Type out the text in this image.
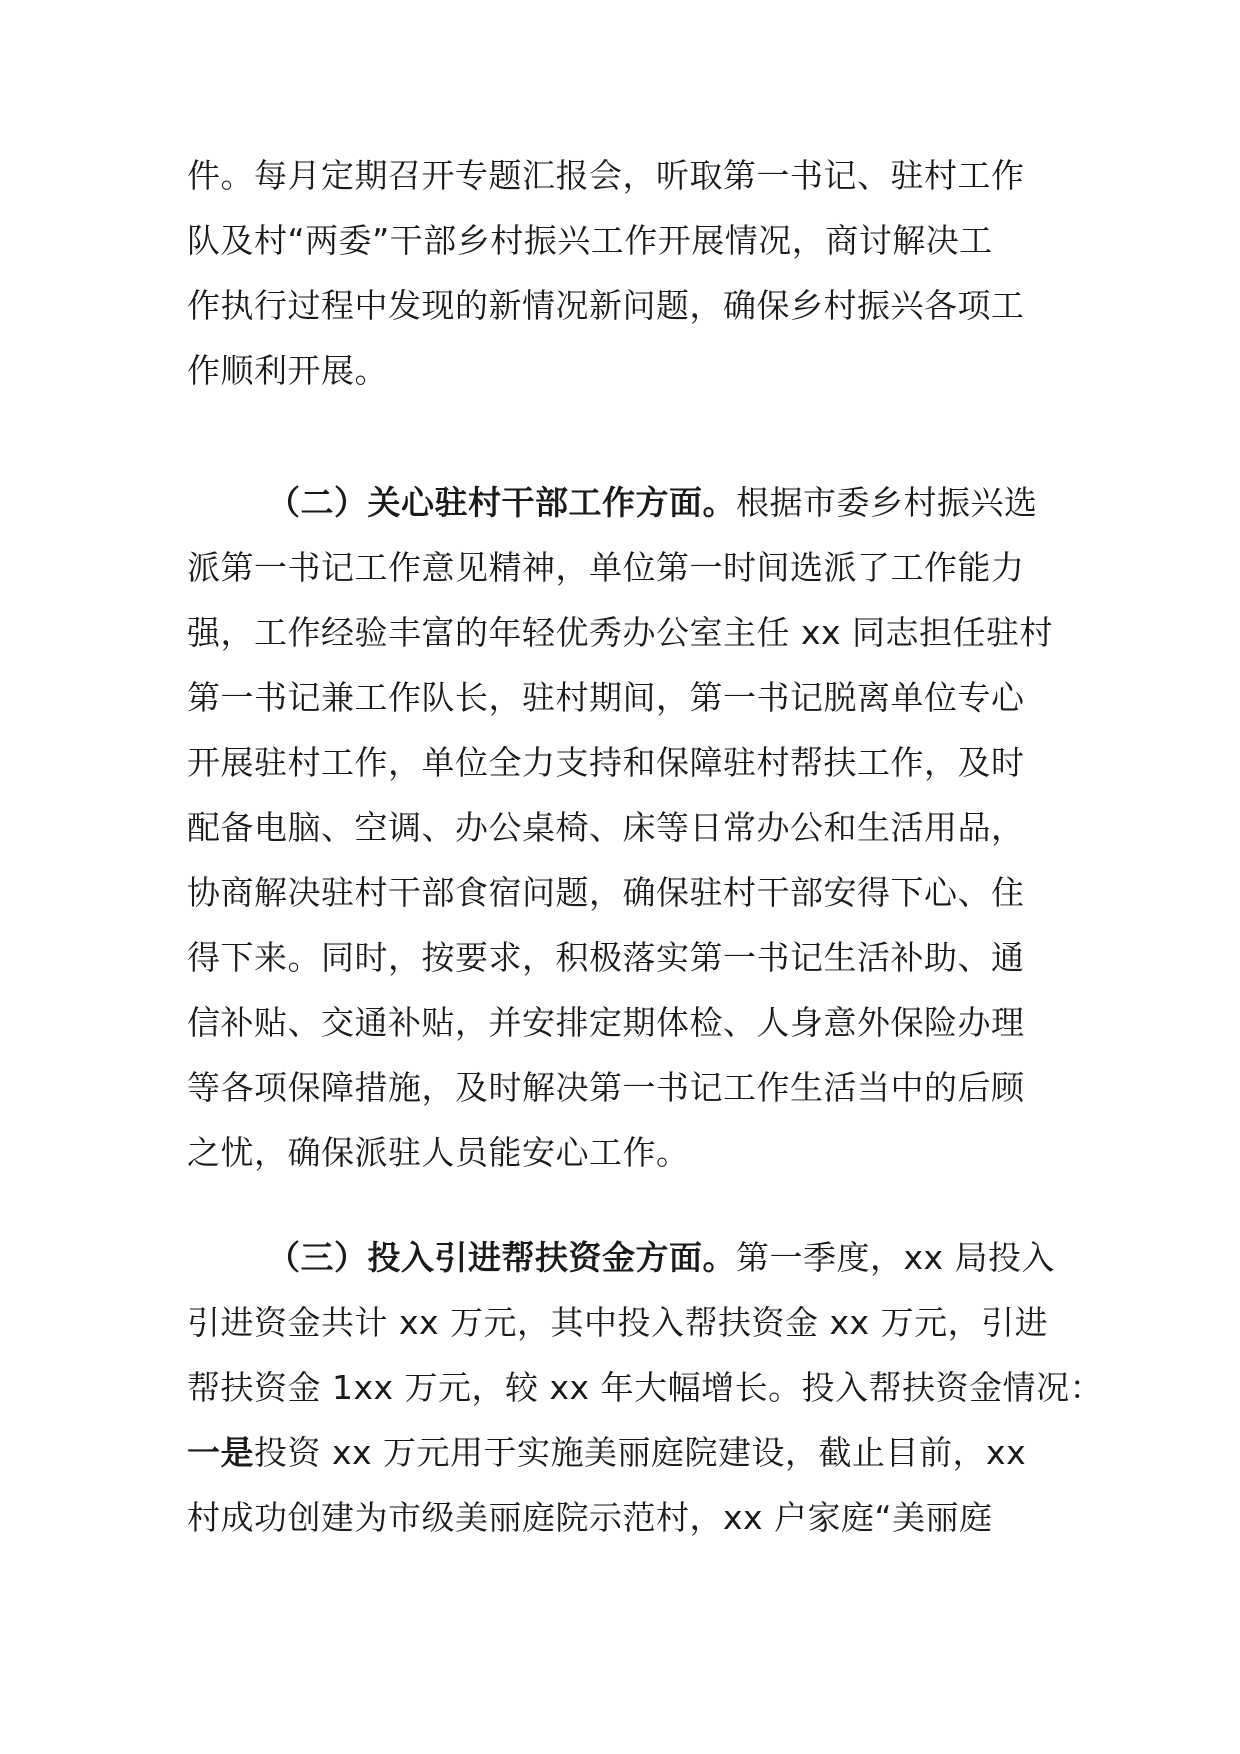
件。每月定期召开专题汇报会，听取第一书记、驻村工作
队及村“两委”干部乡村振兴工作开展情况，商讨解决工
作执行过程中发现的新情况新问题，确保乡村振兴各项工
作顺利开展。
（二）关心驻村干部工作方面。根据市委乡村振兴选
派第一书记工作意见精神，单位第一时间选派了工作能力
强，工作经验丰富的年轻优秀办公室主任 xx 同志担任驻村
第一书记兼工作队长，驻村期间，第一书记脱离单位专心
开展驻村工作，单位全力支持和保障驻村帮扶工作，及时
配备电脑、空调、办公桌椅、床等日常办公和生活用品，
协商解决驻村干部食宿问题，确保驻村干部安得下心、住
得下来。同时，按要求，积极落实第一书记生活补助、通
信补贴、交通补贴，并安排定期体检、人身意外保险办理
等各项保障措施，及时解决第一书记工作生活当中的后顾
之忧，确保派驻人员能安心工作。
（三）投入引进帮扶资金方面。第一季度，xx 局投入
引进资金共计 xx 万元，其中投入帮扶资金 xx 万元，引进
帮扶资金 1xx 万元，较 xx 年大幅增长。投入帮扶资金情况：
一是投资 xx 万元用于实施美丽庭院建设，截止目前，xx
村成功创建为市级美丽庭院示范村，xx 户家庭“美丽庭
